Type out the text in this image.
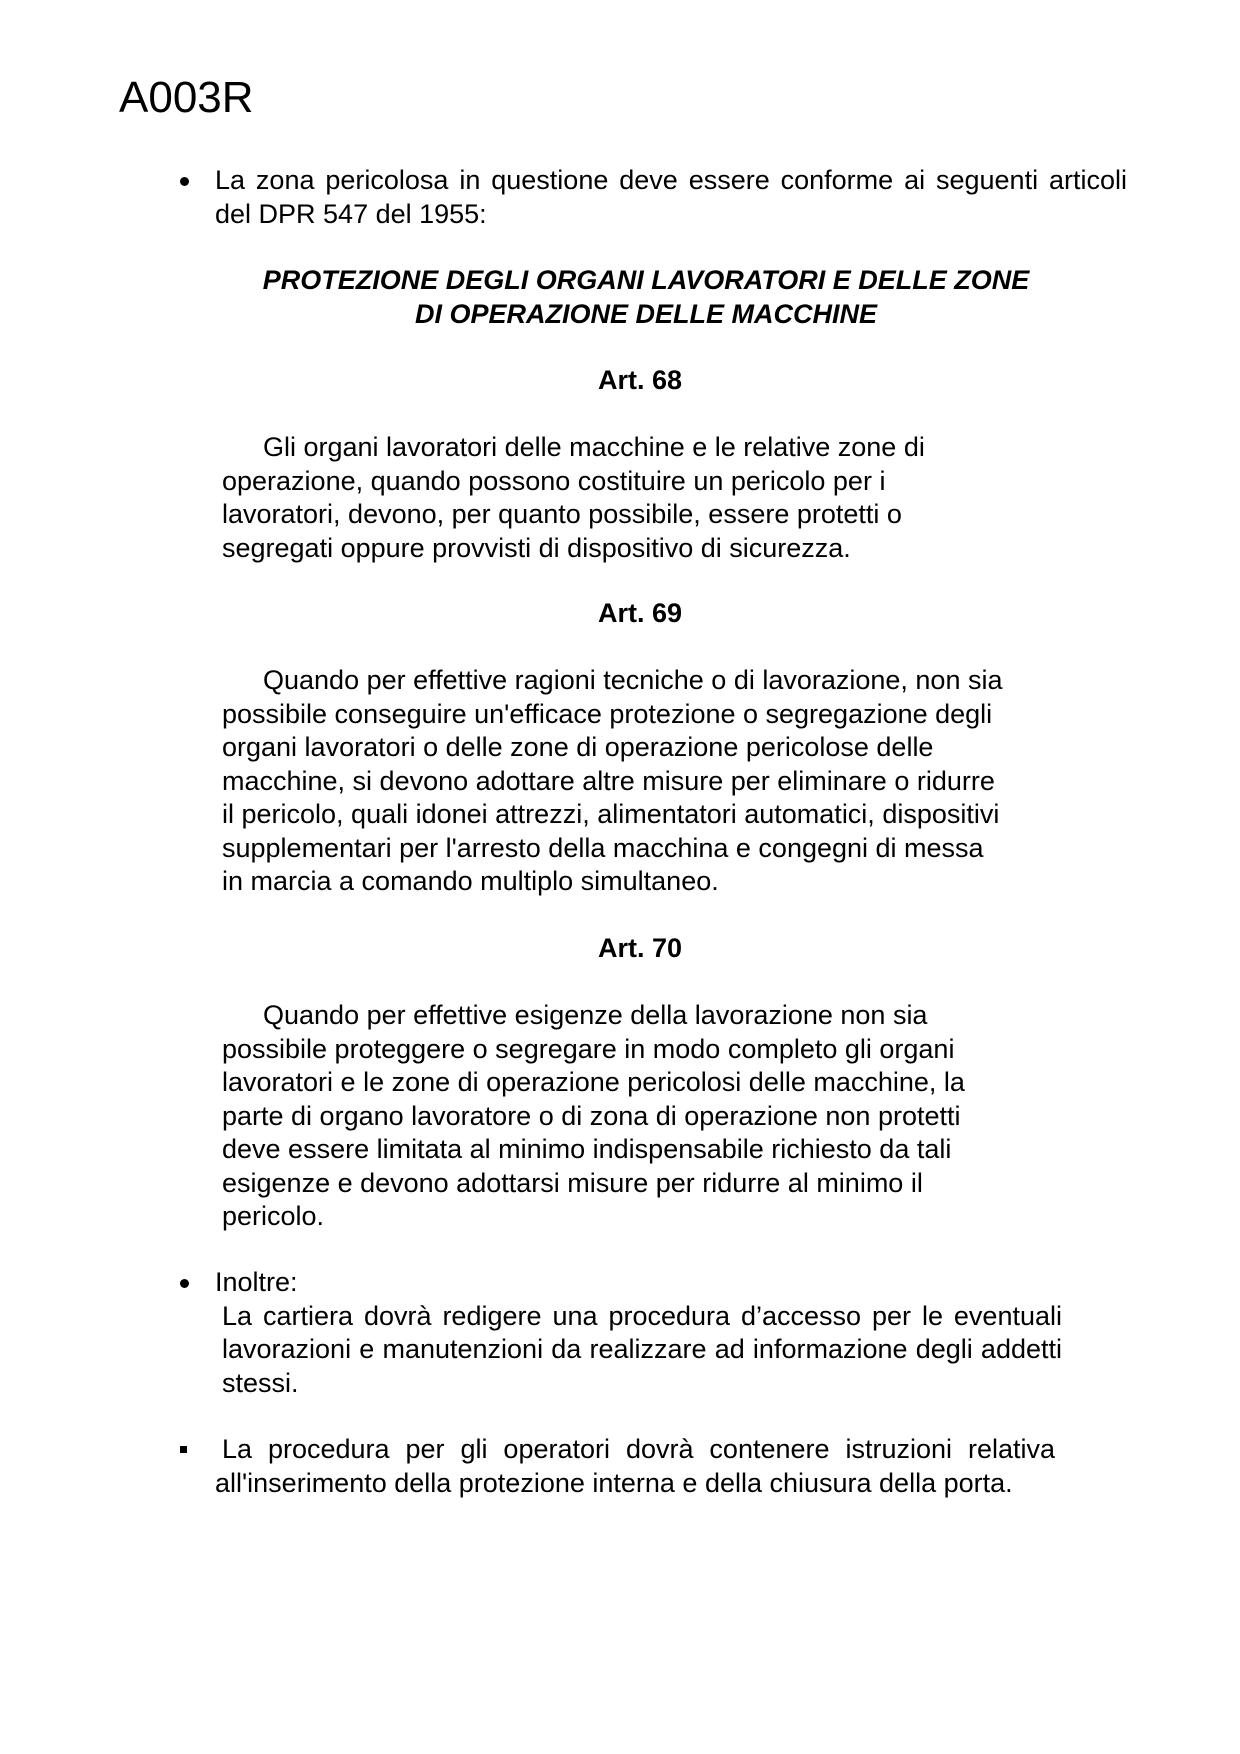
A003R
La zona pericolosa in questione deve essere conforme ai seguenti articoli del DPR 547 del 1955:
PROTEZIONE DEGLI ORGANI LAVORATORI E DELLE ZONE
DI OPERAZIONE DELLE MACCHINE
Art. 68

Gli organi lavoratori delle macchine e le relative zone di
operazione, quando possono costituire un pericolo per i
lavoratori, devono, per quanto possibile, essere protetti o
segregati oppure provvisti di dispositivo di sicurezza.

Art. 69

Quando per effettive ragioni tecniche o di lavorazione, non sia
possibile conseguire un'efficace protezione o segregazione degli
organi lavoratori o delle zone di operazione pericolose delle
macchine, si devono adottare altre misure per eliminare o ridurre
il pericolo, quali idonei attrezzi, alimentatori automatici, dispositivi
supplementari per l'arresto della macchina e congegni di messa
in marcia a comando multiplo simultaneo.

Art. 70

Quando per effettive esigenze della lavorazione non sia
possibile proteggere o segregare in modo completo gli organi
lavoratori e le zone di operazione pericolosi delle macchine, la
parte di organo lavoratore o di zona di operazione non protetti
deve essere limitata al minimo indispensabile richiesto da tali
esigenze e devono adottarsi misure per ridurre al minimo il
pericolo.

Inoltre:
La cartiera dovrà redigere una procedura d’accesso per le eventuali lavorazioni e manutenzioni da realizzare ad informazione degli addetti stessi.
La procedura per gli operatori dovrà contenere istruzioni relativa all'inserimento della protezione interna e della chiusura della porta.
